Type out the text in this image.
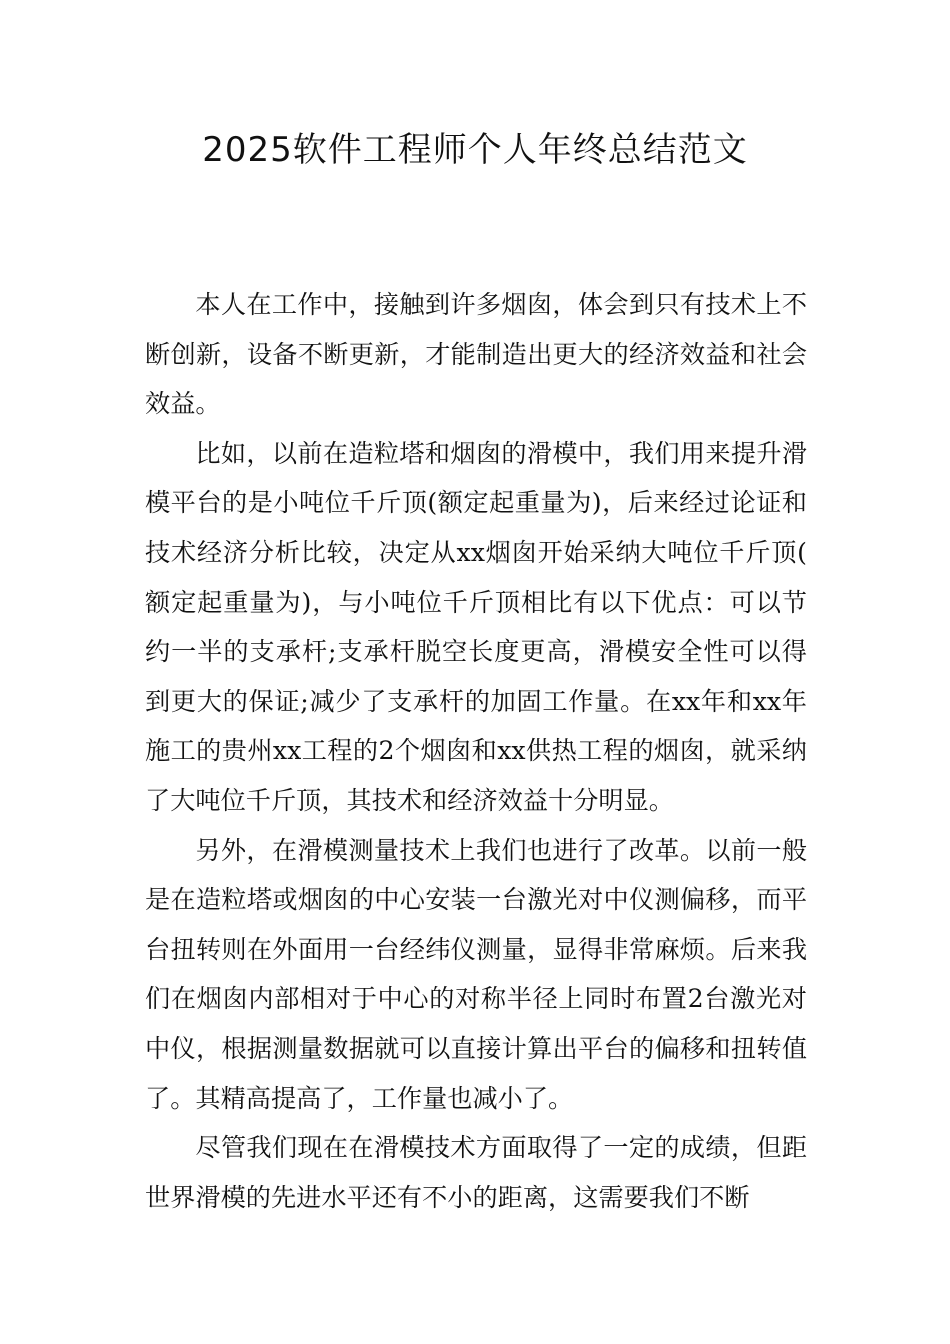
2025软件工程师个人年终总结范文

本人在工作中，接触到许多烟囱，体会到只有技术上不断创新，设备不断更新，才能制造出更大的经济效益和社会效益。

比如，以前在造粒塔和烟囱的滑模中，我们用来提升滑模平台的是小吨位千斤顶(额定起重量为)，后来经过论证和技术经济分析比较，决定从xx烟囱开始采纳大吨位千斤顶(额定起重量为)，与小吨位千斤顶相比有以下优点：可以节约一半的支承杆;支承杆脱空长度更高，滑模安全性可以得到更大的保证;减少了支承杆的加固工作量。在xx年和xx年施工的贵州xx工程的2个烟囱和xx供热工程的烟囱，就采纳了大吨位千斤顶，其技术和经济效益十分明显。

另外，在滑模测量技术上我们也进行了改革。以前一般是在造粒塔或烟囱的中心安装一台激光对中仪测偏移，而平台扭转则在外面用一台经纬仪测量，显得非常麻烦。后来我们在烟囱内部相对于中心的对称半径上同时布置2台激光对中仪，根据测量数据就可以直接计算出平台的偏移和扭转值了。其精高提高了，工作量也减小了。

尽管我们现在在滑模技术方面取得了一定的成绩，但距世界滑模的先进水平还有不小的距离，这需要我们不断
